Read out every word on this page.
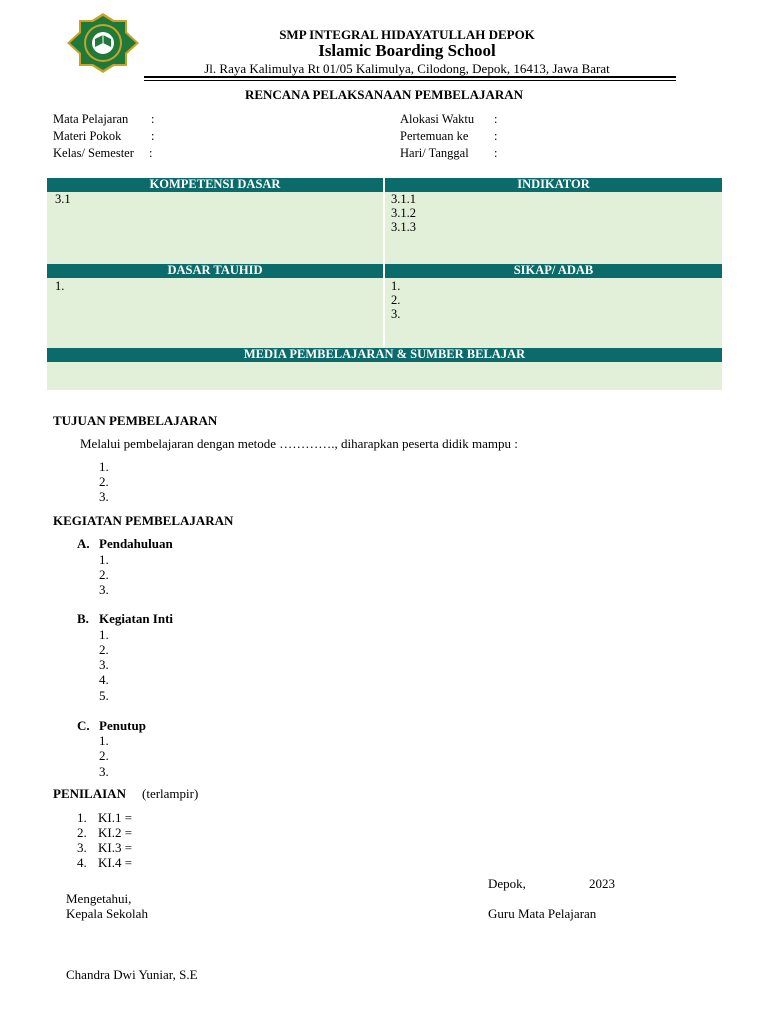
SMP INTEGRAL HIDAYATULLAH DEPOK
Islamic Boarding School
Jl. Raya Kalimulya Rt 01/05 Kalimulya, Cilodong, Depok, 16413, Jawa Barat
RENCANA PELAKSANAAN PEMBELAJARAN
Mata Pelajaran :
Materi Pokok :
Kelas/ Semester :
Alokasi Waktu :
Pertemuan ke :
Hari/ Tanggal :
KOMPETENSI DASAR	INDIKATOR
3.1	3.1.1
3.1.2
3.1.3
DASAR TAUHID	SIKAP/ ADAB
1.	1.
2.
3.
MEDIA PEMBELAJARAN & SUMBER BELAJAR
TUJUAN PEMBELAJARAN
Melalui pembelajaran dengan metode …………., diharapkan peserta didik mampu :
1.
2.
3.
KEGIATAN PEMBELAJARAN
A. Pendahuluan
1.
2.
3.
B. Kegiatan Inti
1.
2.
3.
4.
5.
C. Penutup
1.
2.
3.
PENILAIAN (terlampir)
1. KI.1 =
2. KI.2 =
3. KI.3 =
4. KI.4 =
Depok,	2023
Mengetahui,
Kepala Sekolah	Guru Mata Pelajaran
Chandra Dwi Yuniar, S.E
